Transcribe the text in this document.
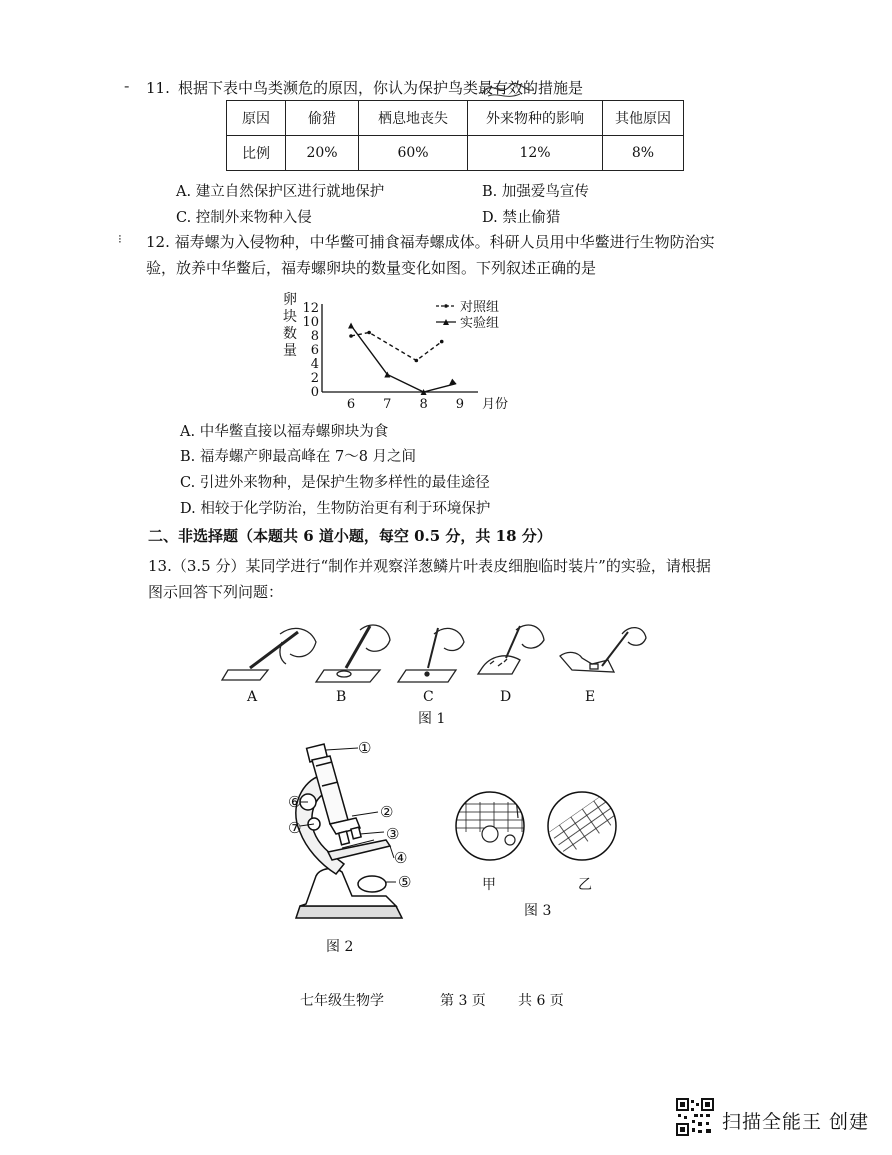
-
⁝
11. 根据下表中鸟类濒危的原因，你认为保护鸟类最有效的措施是
原因	偷猎	栖息地丧失	外来物种的影响	其他原因
比例	20%	60%	12%	8%
A. 建立自然保护区进行就地保护	B. 加强爱鸟宣传
C. 控制外来物种入侵	D. 禁止偷猎
12. 福寿螺为入侵物种，中华鳖可捕食福寿螺成体。科研人员用中华鳖进行生物防治实
验，放养中华鳖后，福寿螺卵块的数量变化如图。下列叙述正确的是
0
2
4
6
8
10
12
6 7 8 9 月份
卵
块
数
量
对照组
实验组
A. 中华鳖直接以福寿螺卵块为食
B. 福寿螺产卵最高峰在 7～8 月之间
C. 引进外来物种，是保护生物多样性的最佳途径
D. 相较于化学防治，生物防治更有利于环境保护
二、非选择题（本题共 6 道小题，每空 0.5 分，共 18 分）
13.（3.5 分）某同学进行“制作并观察洋葱鳞片叶表皮细胞临时装片”的实验，请根据
图示回答下列问题：
A	B	C	D	E
图 1
①
②
③
④
⑤
⑥
⑦
图 2
甲	乙
图 3
七年级生物学	第 3 页 共 6 页
扫描全能王 创建
